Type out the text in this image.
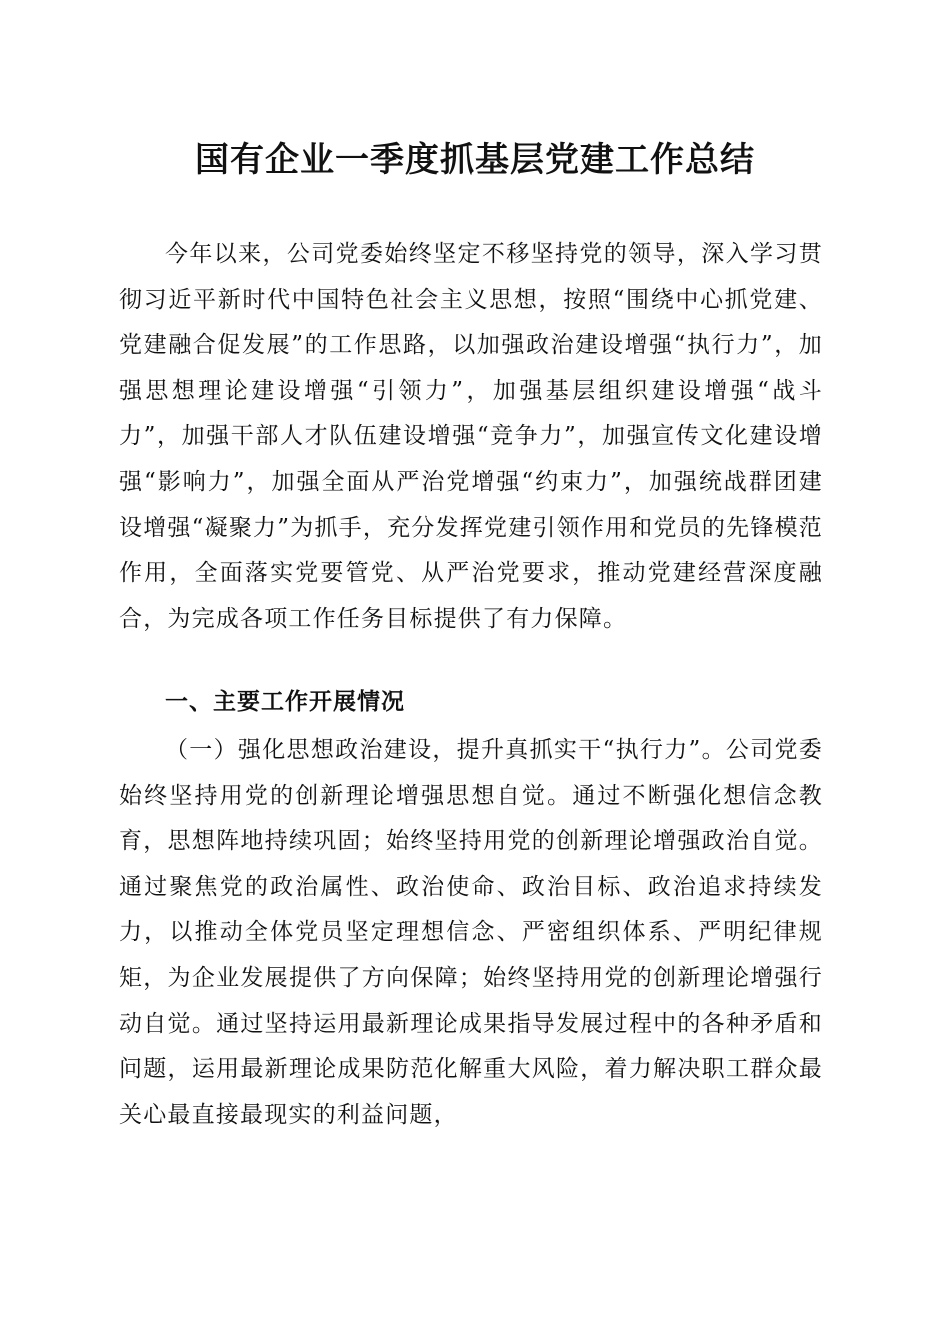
国有企业一季度抓基层党建工作总结

今年以来，公司党委始终坚定不移坚持党的领导，深入学习贯彻习近平新时代中国特色社会主义思想，按照“围绕中心抓党建、党建融合促发展”的工作思路，以加强政治建设增强“执行力”，加强思想理论建设增强“引领力”，加强基层组织建设增强“战斗力”，加强干部人才队伍建设增强“竞争力”，加强宣传文化建设增强“影响力”，加强全面从严治党增强“约束力”，加强统战群团建设增强“凝聚力”为抓手，充分发挥党建引领作用和党员的先锋模范作用，全面落实党要管党、从严治党要求，推动党建经营深度融合，为完成各项工作任务目标提供了有力保障。

一、主要工作开展情况

（一）强化思想政治建设，提升真抓实干“执行力”。公司党委始终坚持用党的创新理论增强思想自觉。通过不断强化想信念教育，思想阵地持续巩固；始终坚持用党的创新理论增强政治自觉。通过聚焦党的政治属性、政治使命、政治目标、政治追求持续发力，以推动全体党员坚定理想信念、严密组织体系、严明纪律规矩，为企业发展提供了方向保障；始终坚持用党的创新理论增强行动自觉。通过坚持运用最新理论成果指导发展过程中的各种矛盾和问题，运用最新理论成果防范化解重大风险，着力解决职工群众最关心最直接最现实的利益问题，
